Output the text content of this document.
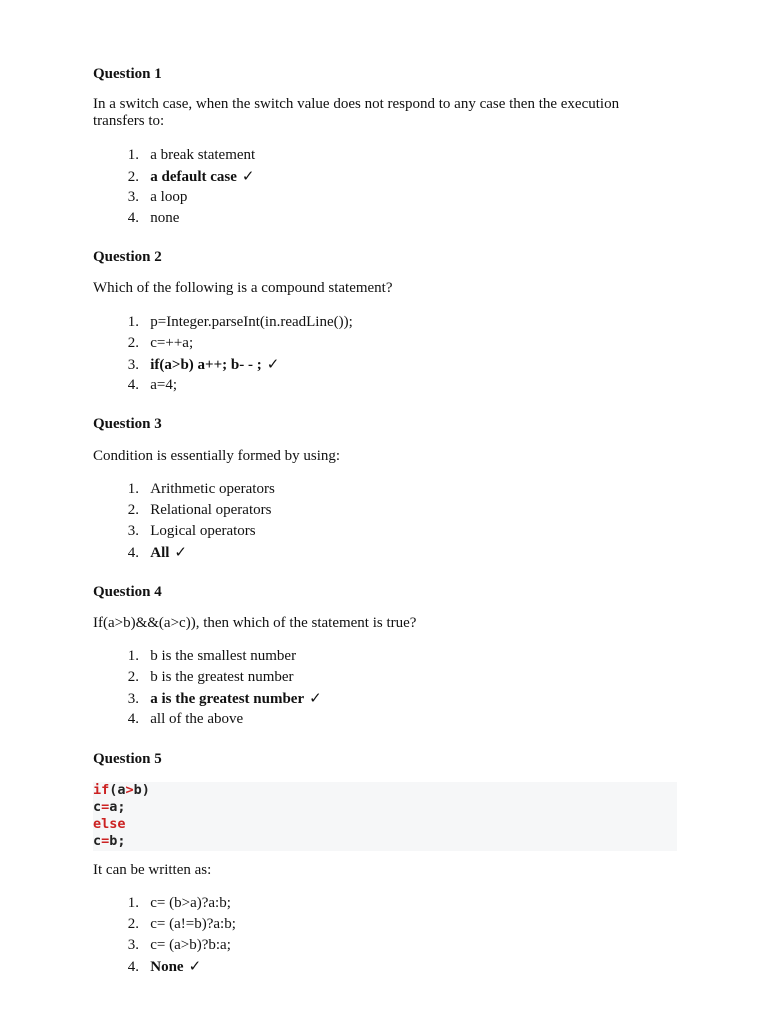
Question 1

In a switch case, when the switch value does not respond to any case then the execution transfers to:

1. a break statement
2. a default case ✓
3. a loop
4. none

Question 2

Which of the following is a compound statement?

1. p=Integer.parseInt(in.readLine());
2. c=++a;
3. if(a>b) a++; b- - ; ✓
4. a=4;

Question 3

Condition is essentially formed by using:

1. Arithmetic operators
2. Relational operators
3. Logical operators
4. All ✓

Question 4

If(a>b)&&(a>c)), then which of the statement is true?

1. b is the smallest number
2. b is the greatest number
3. a is the greatest number ✓
4. all of the above

Question 5

if(a>b)
c=a;
else
c=b;

It can be written as:

1. c= (b>a)?a:b;
2. c= (a!=b)?a:b;
3. c= (a>b)?b:a;
4. None ✓
